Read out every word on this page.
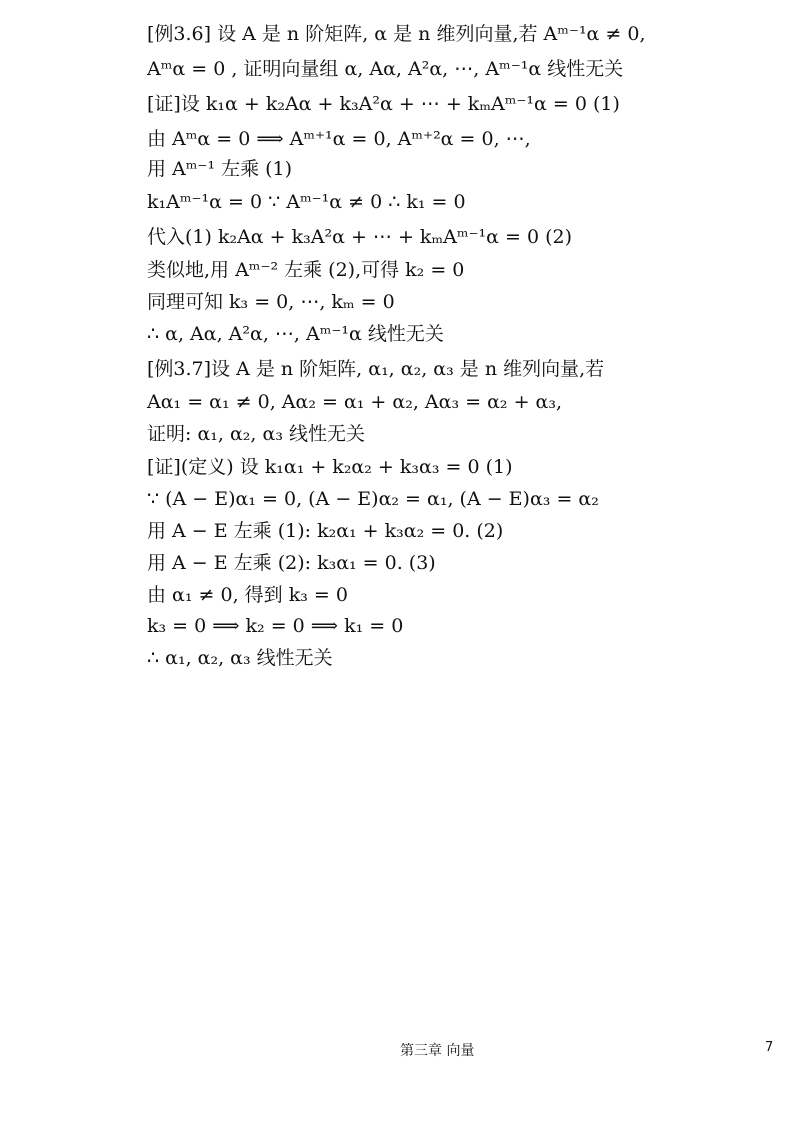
[例3.6] 设 A 是 n 阶矩阵, α 是 n 维列向量,若 Aᵐ⁻¹α ≠ 0,
Aᵐα = 0 , 证明向量组 α, Aα, A²α, ⋯, Aᵐ⁻¹α 线性无关
[证]设 k₁α + k₂Aα + k₃A²α + ⋯ + kₘAᵐ⁻¹α = 0 (1)
由 Aᵐα = 0 ⟹ Aᵐ⁺¹α = 0, Aᵐ⁺²α = 0, ⋯,
用 Aᵐ⁻¹ 左乘 (1)
k₁Aᵐ⁻¹α = 0 ∵ Aᵐ⁻¹α ≠ 0 ∴ k₁ = 0
代入(1) k₂Aα + k₃A²α + ⋯ + kₘAᵐ⁻¹α = 0 (2)
类似地,用 Aᵐ⁻² 左乘 (2),可得 k₂ = 0
同理可知 k₃ = 0, ⋯, kₘ = 0
∴ α, Aα, A²α, ⋯, Aᵐ⁻¹α 线性无关
[例3.7]设 A 是 n 阶矩阵, α₁, α₂, α₃ 是 n 维列向量,若
Aα₁ = α₁ ≠ 0, Aα₂ = α₁ + α₂, Aα₃ = α₂ + α₃,
证明: α₁, α₂, α₃ 线性无关
[证](定义) 设 k₁α₁ + k₂α₂ + k₃α₃ = 0 (1)
∵ (A − E)α₁ = 0, (A − E)α₂ = α₁, (A − E)α₃ = α₂
用 A − E 左乘 (1): k₂α₁ + k₃α₂ = 0. (2)
用 A − E 左乘 (2): k₃α₁ = 0. (3)
由 α₁ ≠ 0, 得到 k₃ = 0
k₃ = 0 ⟹ k₂ = 0 ⟹ k₁ = 0
∴ α₁, α₂, α₃ 线性无关
第三章 向量	7
